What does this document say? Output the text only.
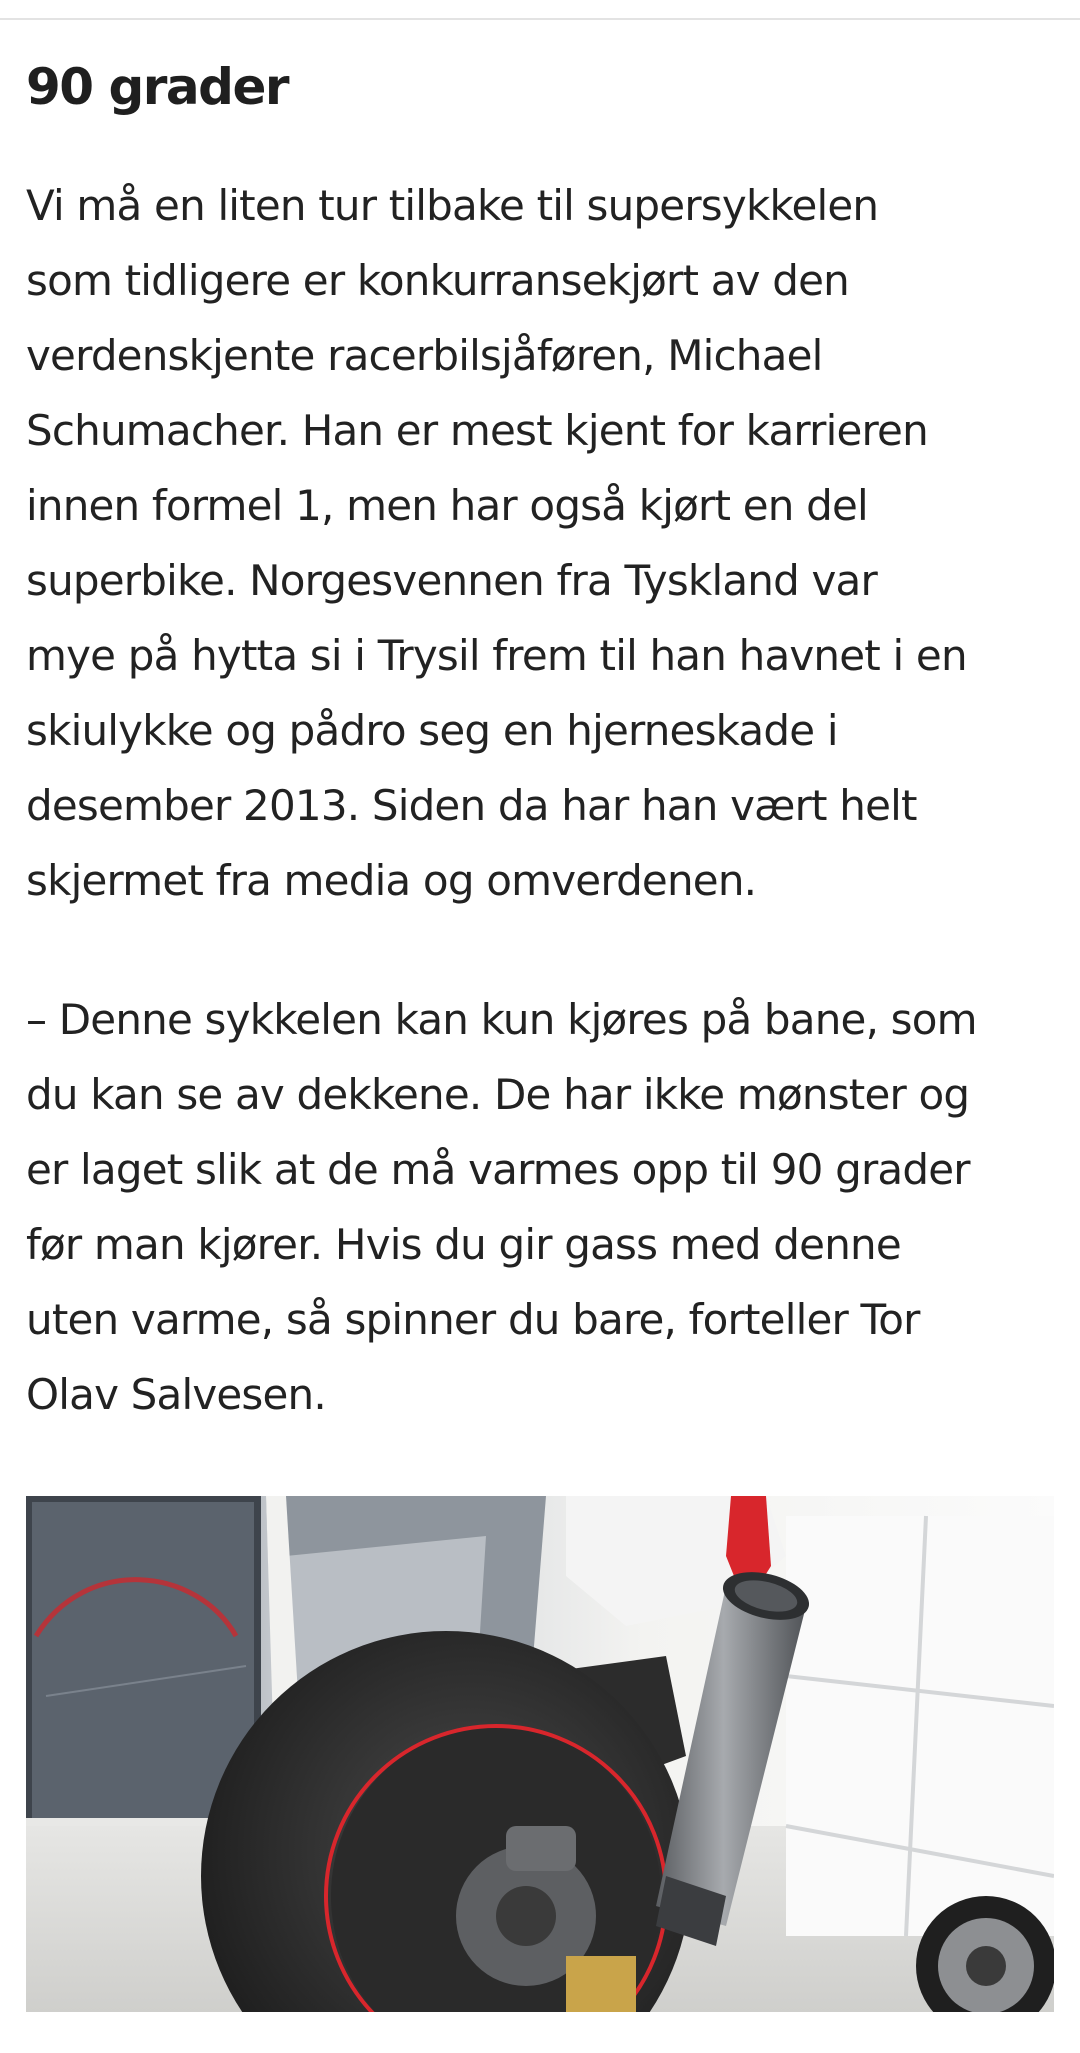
90 grader

Vi må en liten tur tilbake til supersykkelen
som tidligere er konkurransekjørt av den
verdenskjente racerbilsjåføren, Michael
Schumacher. Han er mest kjent for karrieren
innen formel 1, men har også kjørt en del
superbike. Norgesvennen fra Tyskland var
mye på hytta si i Trysil frem til han havnet i en
skiulykke og pådro seg en hjerneskade i
desember 2013. Siden da har han vært helt
skjermet fra media og omverdenen.

– Denne sykkelen kan kun kjøres på bane, som
du kan se av dekkene. De har ikke mønster og
er laget slik at de må varmes opp til 90 grader
før man kjører. Hvis du gir gass med denne
uten varme, så spinner du bare, forteller Tor
Olav Salvesen.
